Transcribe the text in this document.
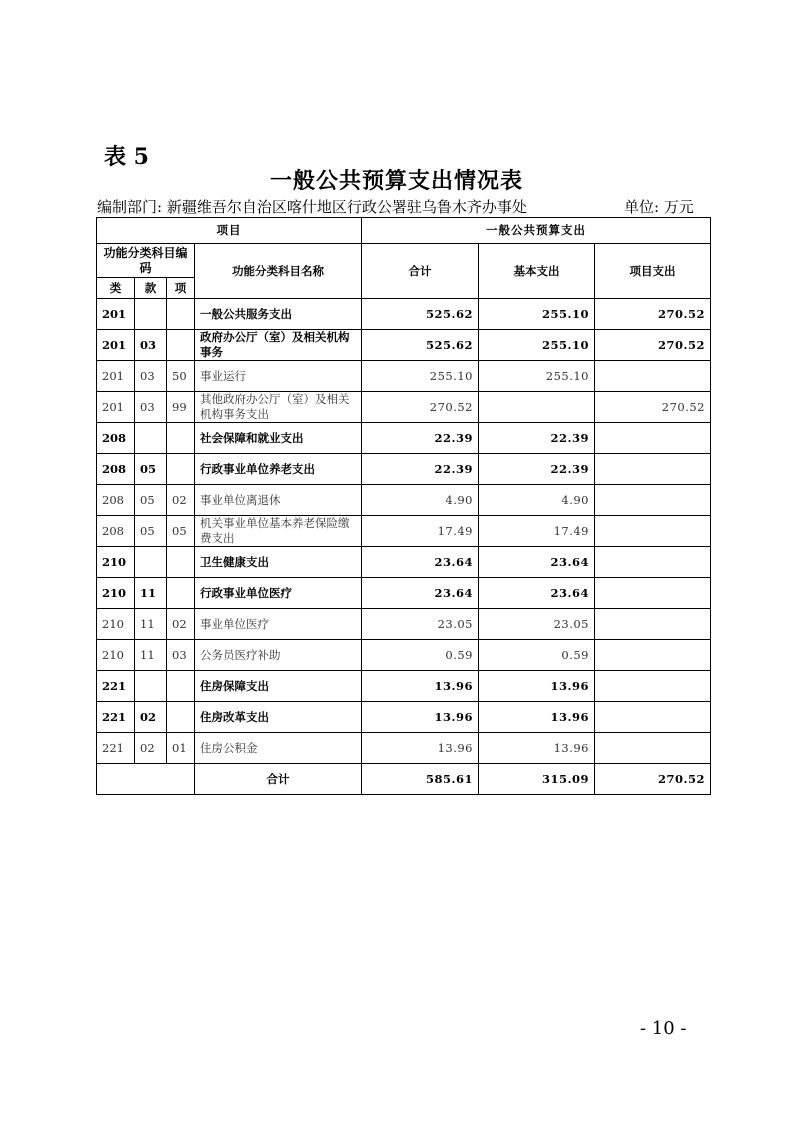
表 5
一般公共预算支出情况表
编制部门: 新疆维吾尔自治区喀什地区行政公署驻乌鲁木齐办事处	单位: 万元
项目				一般公共预算支出		
功能分类科目编码			功能分类科目名称	合计	基本支出	项目支出
类	款	项				
201			一般公共服务支出	525.62	255.10	270.52
201	03		政府办公厅（室）及相关机构事务	525.62	255.10	270.52
201	03	50	事业运行	255.10	255.10	
201	03	99	其他政府办公厅（室）及相关机构事务支出	270.52		270.52
208			社会保障和就业支出	22.39	22.39	
208	05		行政事业单位养老支出	22.39	22.39	
208	05	02	事业单位离退休	4.90	4.90	
208	05	05	机关事业单位基本养老保险缴费支出	17.49	17.49	
210			卫生健康支出	23.64	23.64	
210	11		行政事业单位医疗	23.64	23.64	
210	11	02	事业单位医疗	23.05	23.05	
210	11	03	公务员医疗补助	0.59	0.59	
221			住房保障支出	13.96	13.96	
221	02		住房改革支出	13.96	13.96	
221	02	01	住房公积金	13.96	13.96	
			合计	585.61	315.09	270.52
- 10 -
